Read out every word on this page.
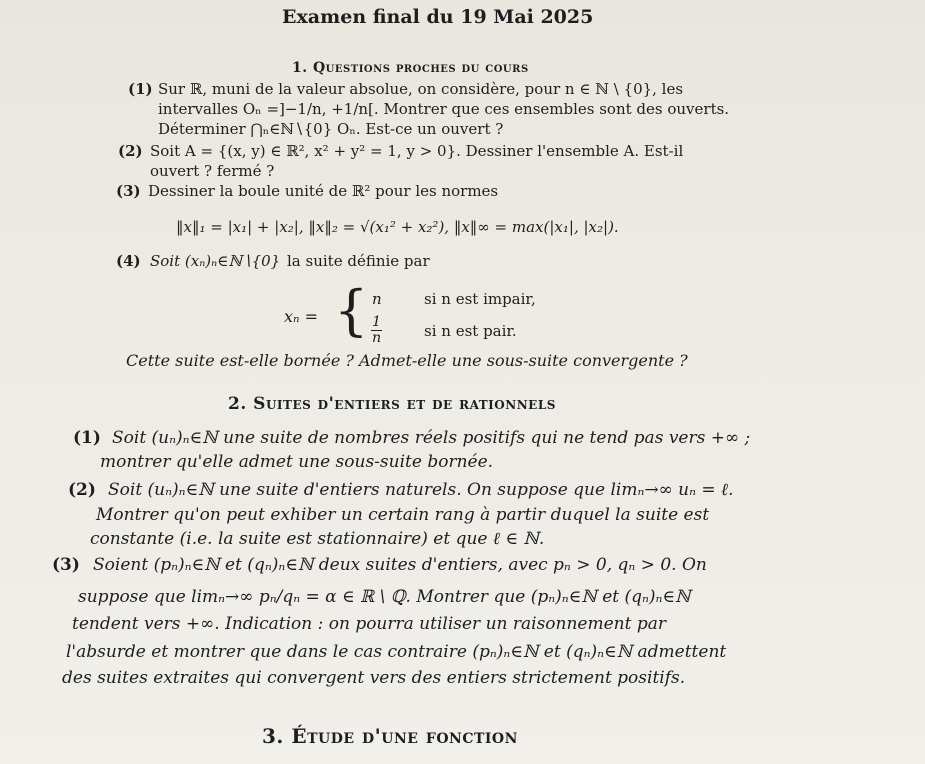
Examen final du 19 Mai 2025
1. Questions proches du cours
(1) Sur ℝ, muni de la valeur absolue, on considère, pour n ∈ ℕ \ {0}, les
intervalles Oₙ =]−1/n, +1/n[. Montrer que ces ensembles sont des ouverts.
Déterminer ⋂ₙ∈ℕ∖{0} Oₙ. Est-ce un ouvert ?
(2) Soit A = {(x, y) ∈ ℝ², x² + y² = 1, y > 0}. Dessiner l'ensemble A. Est-il
ouvert ? fermé ?
(3) Dessiner la boule unité de ℝ² pour les normes
‖x‖₁ = |x₁| + |x₂|, ‖x‖₂ = √(x₁² + x₂²), ‖x‖∞ = max(|x₁|, |x₂|).
(4) Soit (xₙ)ₙ∈ℕ∖{0} la suite définie par
xₙ = { n	si n est impair,
$\frac{1}{n}$	si n est pair.
Cette suite est-elle bornée ? Admet-elle une sous-suite convergente ?
2. Suites d'entiers et de rationnels
(1) Soit (uₙ)ₙ∈ℕ une suite de nombres réels positifs qui ne tend pas vers +∞ ;
montrer qu'elle admet une sous-suite bornée.
(2) Soit (uₙ)ₙ∈ℕ une suite d'entiers naturels. On suppose que limₙ→∞ uₙ = ℓ.
Montrer qu'on peut exhiber un certain rang à partir duquel la suite est
constante (i.e. la suite est stationnaire) et que ℓ ∈ ℕ.
(3) Soient (pₙ)ₙ∈ℕ et (qₙ)ₙ∈ℕ deux suites d'entiers, avec pₙ > 0, qₙ > 0. On
suppose que limₙ→∞ pₙ/qₙ = α ∈ ℝ \ ℚ. Montrer que (pₙ)ₙ∈ℕ et (qₙ)ₙ∈ℕ
tendent vers +∞. Indication : on pourra utiliser un raisonnement par
l'absurde et montrer que dans le cas contraire (pₙ)ₙ∈ℕ et (qₙ)ₙ∈ℕ admettent
des suites extraites qui convergent vers des entiers strictement positifs.
3. Étude d'une fonction
